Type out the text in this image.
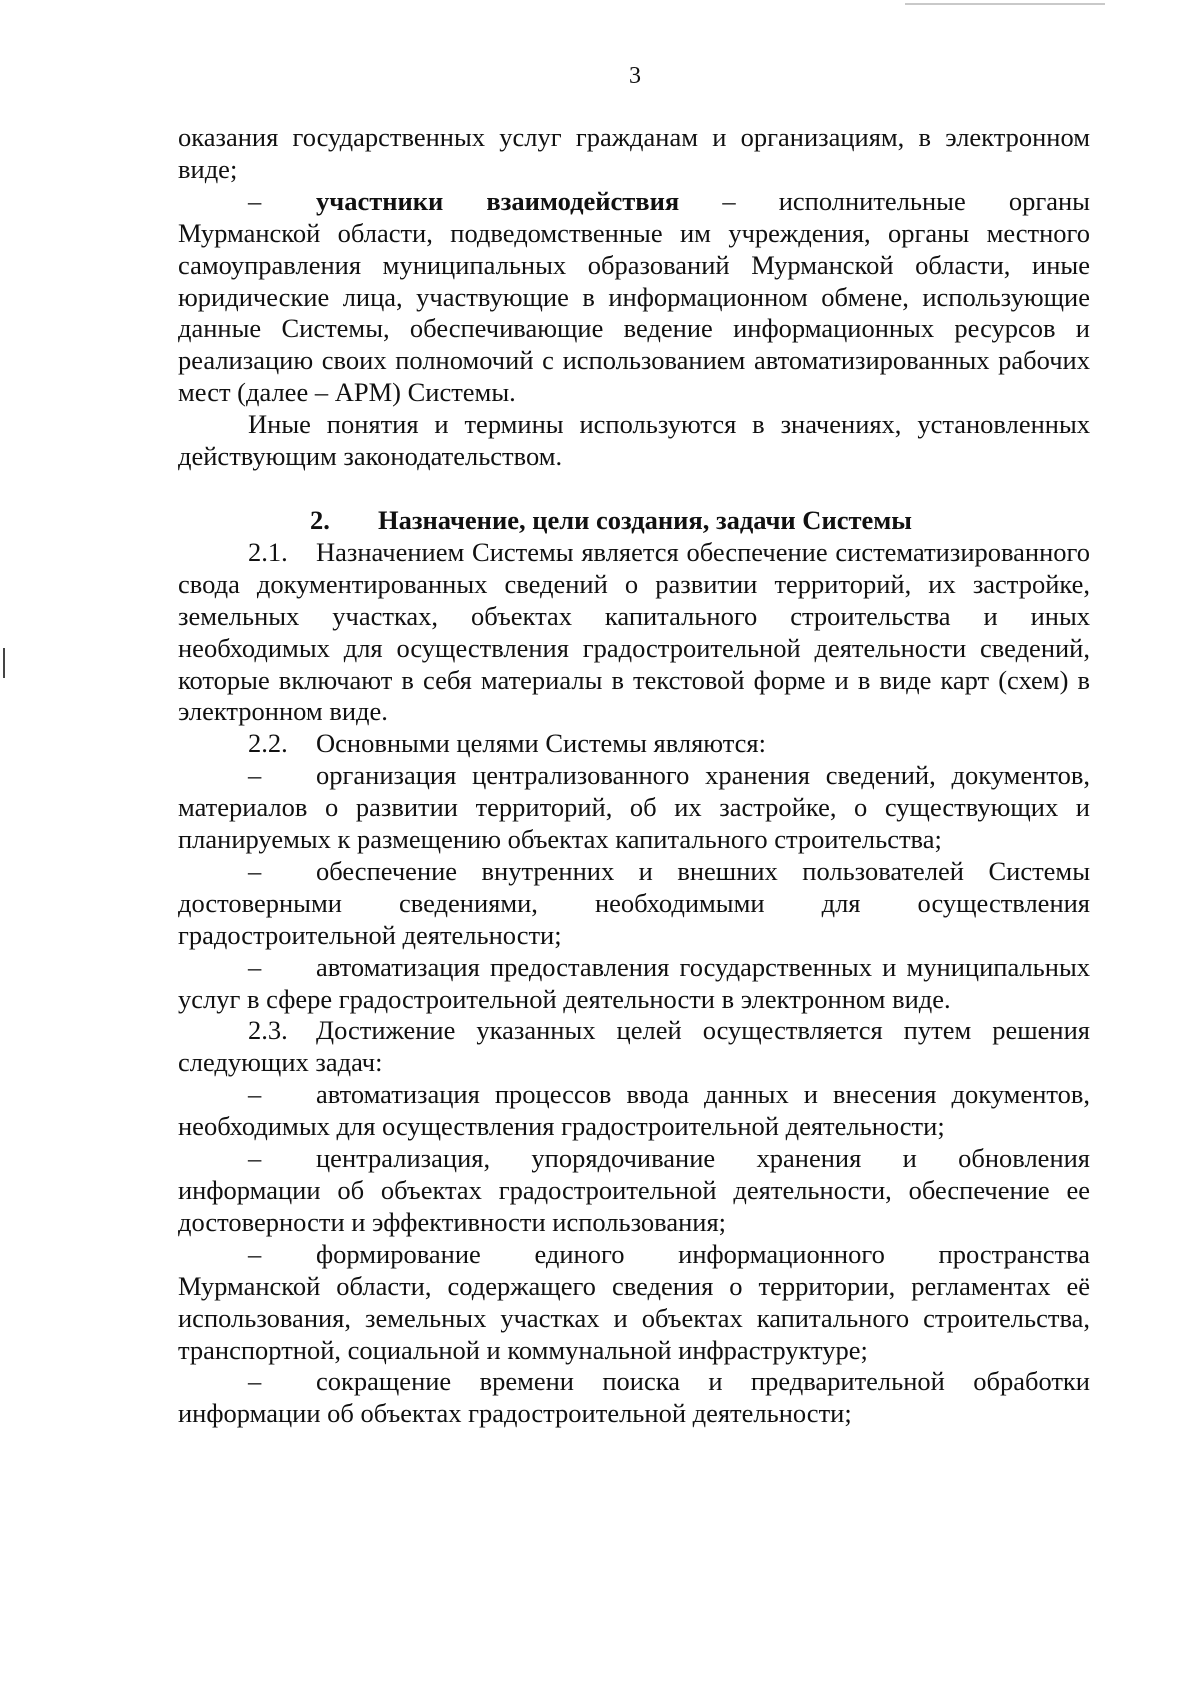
3

оказания государственных услуг гражданам и организациям, в электронном виде;

– участники взаимодействия – исполнительные органы Мурманской области, подведомственные им учреждения, органы местного самоуправления муниципальных образований Мурманской области, иные юридические лица, участвующие в информационном обмене, использующие данные Системы, обеспечивающие ведение информационных ресурсов и реализацию своих полномочий с использованием автоматизированных рабочих мест (далее – АРМ) Системы.

Иные понятия и термины используются в значениях, установленных действующим законодательством.

2. Назначение, цели создания, задачи Системы

2.1. Назначением Системы является обеспечение систематизированного свода документированных сведений о развитии территорий, их застройке, земельных участках, объектах капитального строительства и иных необходимых для осуществления градостроительной деятельности сведений, которые включают в себя материалы в текстовой форме и в виде карт (схем) в электронном виде.

2.2. Основными целями Системы являются:

– организация централизованного хранения сведений, документов, материалов о развитии территорий, об их застройке, о существующих и планируемых к размещению объектах капитального строительства;

– обеспечение внутренних и внешних пользователей Системы достоверными сведениями, необходимыми для осуществления градостроительной деятельности;

– автоматизация предоставления государственных и муниципальных услуг в сфере градостроительной деятельности в электронном виде.

2.3. Достижение указанных целей осуществляется путем решения следующих задач:

– автоматизация процессов ввода данных и внесения документов, необходимых для осуществления градостроительной деятельности;

– централизация, упорядочивание хранения и обновления информации об объектах градостроительной деятельности, обеспечение ее достоверности и эффективности использования;

– формирование единого информационного пространства Мурманской области, содержащего сведения о территории, регламентах её использования, земельных участках и объектах капитального строительства, транспортной, социальной и коммунальной инфраструктуре;

– сокращение времени поиска и предварительной обработки информации об объектах градостроительной деятельности;
